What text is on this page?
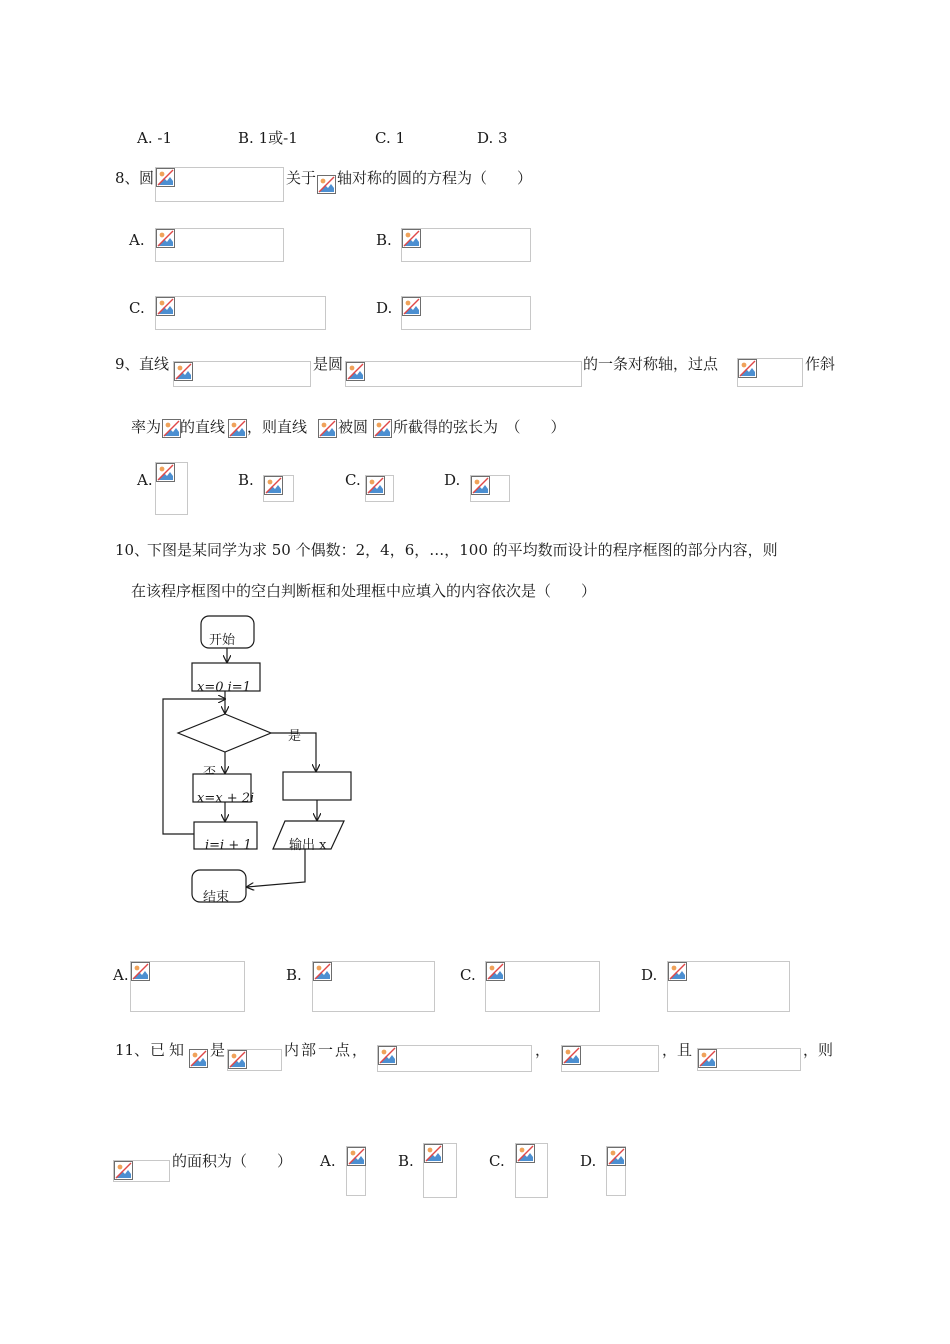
A. -1	B. 1或-1	C. 1	D. 3
8、 圆	关于 轴对称的圆的方程为（　　）
A.	B.
C.	D.
9、 直线	是圆	的一条对称轴，过点	作斜
率为 的直线 ，则直线 被圆 所截得的弦长为　（　　）
A.	B.	C.	D.
10、
下图是某同学为求 50 个偶数：2，4，6，…，100 的平均数而设计的程序框图的部分内容，则
在该程序框图中的空白判断框和处理框中应填入的内容依次是（　　）
开始
x=0 i=1
是
输出 x
x=x + 2i
i=i + 1
结束
A.	B.	C.	D.
11、 已知 是	内部一点，	，	，且	，则
的面积为（　　） A.	B.	C.	D.
